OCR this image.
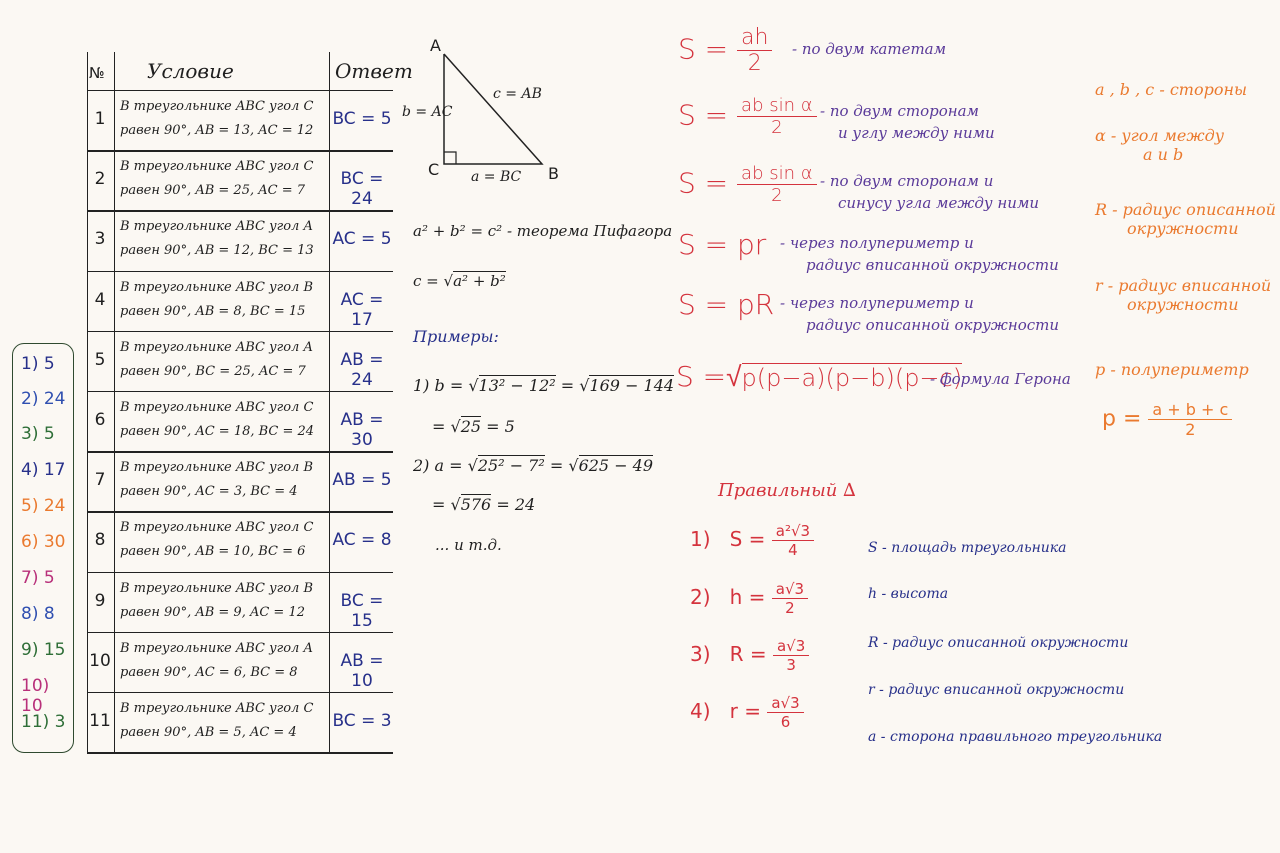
1) 5
2) 24
3) 5
4) 17
5) 24
6) 30
7) 5
8) 8
9) 15
10) 10
11) 3
№ Условие	Ответ
1
В треугольнике ABC угол C
равен 90°, AB = 13, AC = 12
BC = 5
2
В треугольнике ABC угол C
равен 90°, AB = 25, AC = 7
BC = 24
3
В треугольнике ABC угол A
равен 90°, AB = 12, BC = 13
AC = 5
4
В треугольнике ABC угол B
равен 90°, AB = 8, BC = 15
AC = 17
5
В треугольнике ABC угол A
равен 90°, BC = 25, AC = 7
AB = 24
6
В треугольнике ABC угол C
равен 90°, AC = 18, BC = 24
AB = 30
7
В треугольнике ABC угол B
равен 90°, AC = 3, BC = 4
AB = 5
8
В треугольнике ABC угол C
равен 90°, AB = 10, BC = 6
AC = 8
9
В треугольнике ABC угол B
равен 90°, AB = 9, AC = 12
BC = 15
10
В треугольнике ABC угол A
равен 90°, AC = 6, BC = 8
AB = 10
11
В треугольнике ABC угол C
равен 90°, AB = 5, AC = 4
BC = 3
A
C	B
b = AC
c = AB
a = BC
a² + b² = c² - теорема Пифагора
c = √a² + b²
Примеры:
1) b = √13² − 12² = √169 − 144
= √25 = 5
2) a = √25² − 7² = √625 − 49
= √576 = 24
... и т.д.
$S = \frac{ah}{2}$ - по двум катетам
$S = \frac{\text{ab sin α}}{2}$ - по двум сторонам
и углу между ними
$S = \frac{\text{ab sin α}}{2}$ - по двум сторонам и
синусу угла между ними
S = pr - через полупериметр и
радиус вписанной окружности
S = pR - через полупериметр и
радиус описанной окружности
S =√p(p−a)(p−b)(p−c)
- формула Герона
a , b , c - стороны
α - угол между
a и b
R - радиус описанной
окружности
r - радиус вписанной
окружности
p - полупериметр
$p = \frac{a + b + c}{2}$
Правильный ∆
1) $S = \frac{\text{a²√3}}{4}$
2) $h = \frac{a√3}{2}$
3) $R = \frac{a√3}{3}$
4) $r = \frac{a√3}{6}$
S - площадь треугольника
h - высота
R - радиус описанной окружности
r - радиус вписанной окружности
a - сторона правильного треугольника
